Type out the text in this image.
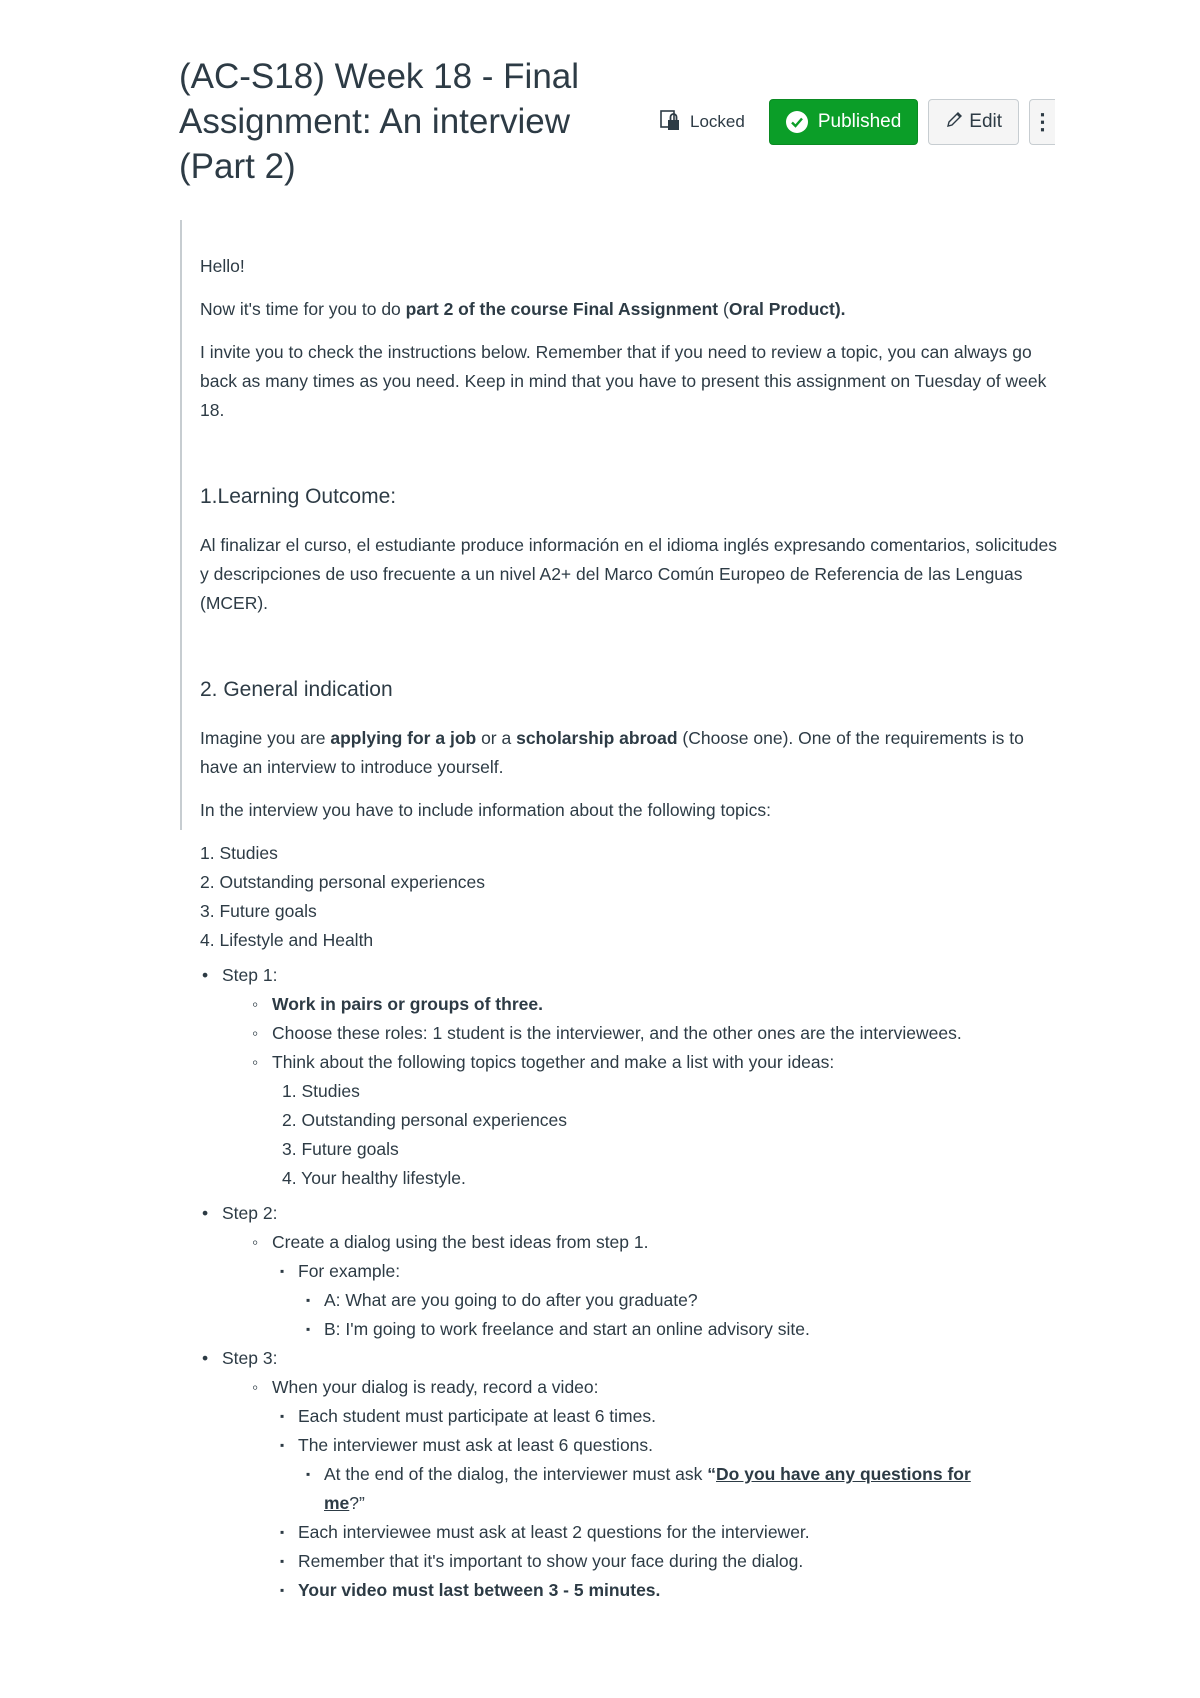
(AC-S18) Week 18 - Final Assignment: An interview (Part 2)
Locked	Published	Edit ⋮

Hello!

Now it's time for you to do part 2 of the course Final Assignment (Oral Product).

I invite you to check the instructions below. Remember that if you need to review a topic, you can always go back as many times as you need. Keep in mind that you have to present this assignment on Tuesday of week 18.

1.Learning Outcome:

Al finalizar el curso, el estudiante produce información en el idioma inglés expresando comentarios, solicitudes y descripciones de uso frecuente a un nivel A2+ del Marco Común Europeo de Referencia de las Lenguas (MCER).

2. General indication

Imagine you are applying for a job or a scholarship abroad (Choose one). One of the requirements is to have an interview to introduce yourself.

In the interview you have to include information about the following topics:

1. Studies
2. Outstanding personal experiences
3. Future goals
4. Lifestyle and Health
• Step 1:
◦ Work in pairs or groups of three.
◦ Choose these roles: 1 student is the interviewer, and the other ones are the interviewees.
◦ Think about the following topics together and make a list with your ideas:
1. Studies
2. Outstanding personal experiences
3. Future goals
4. Your healthy lifestyle.
• Step 2:
◦ Create a dialog using the best ideas from step 1.
▪ For example:
▪ A: What are you going to do after you graduate?
▪ B: I'm going to work freelance and start an online advisory site.
• Step 3:
◦ When your dialog is ready, record a video:
▪ Each student must participate at least 6 times.
▪ The interviewer must ask at least 6 questions.
▪ At the end of the dialog, the interviewer must ask “Do you have any questions for me?”
▪ Each interviewee must ask at least 2 questions for the interviewer.
▪ Remember that it's important to show your face during the dialog.
▪ Your video must last between 3 - 5 minutes.
